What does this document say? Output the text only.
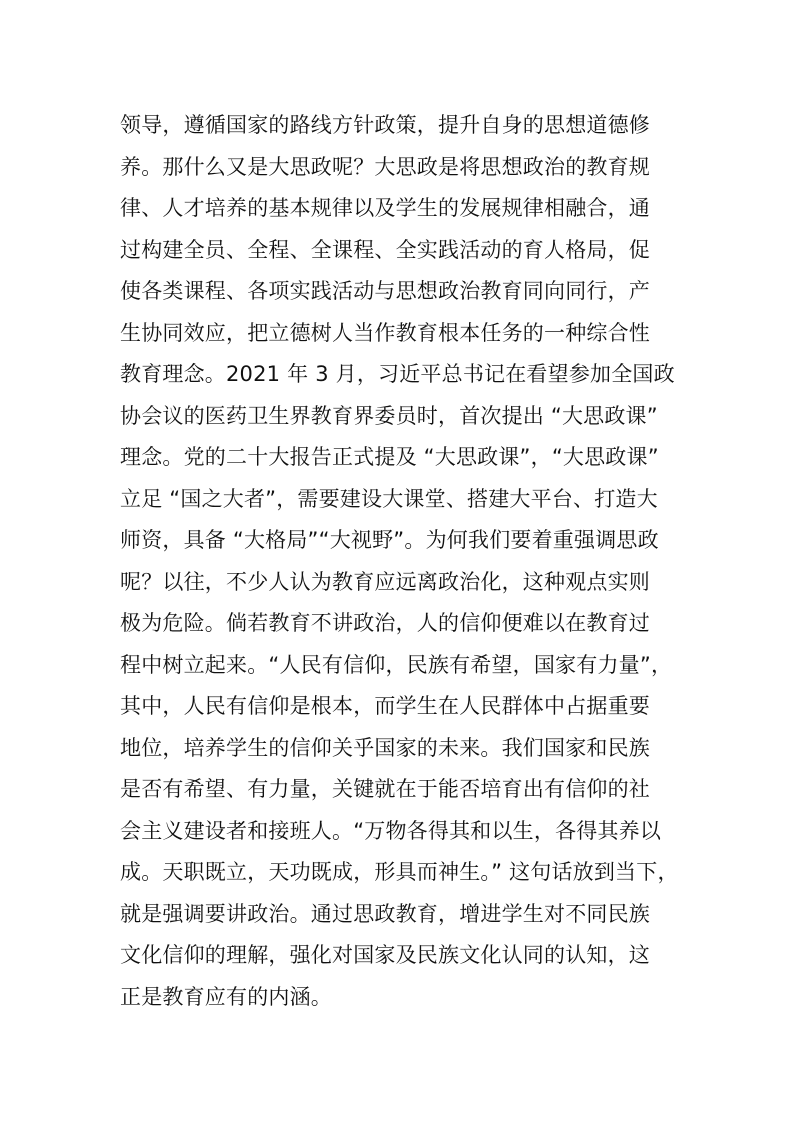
领导，遵循国家的路线方针政策，提升自身的思想道德修
养。那什么又是大思政呢？大思政是将思想政治的教育规
律、人才培养的基本规律以及学生的发展规律相融合，通
过构建全员、全程、全课程、全实践活动的育人格局，促
使各类课程、各项实践活动与思想政治教育同向同行，产
生协同效应，把立德树人当作教育根本任务的一种综合性
教育理念。2021 年 3 月，习近平总书记在看望参加全国政
协会议的医药卫生界教育界委员时，首次提出 “大思政课”
理念。党的二十大报告正式提及 “大思政课”，“大思政课”
立足 “国之大者”，需要建设大课堂、搭建大平台、打造大
师资，具备 “大格局”“大视野”。为何我们要着重强调思政
呢？以往，不少人认为教育应远离政治化，这种观点实则
极为危险。倘若教育不讲政治，人的信仰便难以在教育过
程中树立起来。“人民有信仰，民族有希望，国家有力量”，
其中，人民有信仰是根本，而学生在人民群体中占据重要
地位，培养学生的信仰关乎国家的未来。我们国家和民族
是否有希望、有力量，关键就在于能否培育出有信仰的社
会主义建设者和接班人。“万物各得其和以生，各得其养以
成。天职既立，天功既成，形具而神生。” 这句话放到当下，
就是强调要讲政治。通过思政教育，增进学生对不同民族
文化信仰的理解，强化对国家及民族文化认同的认知，这
正是教育应有的内涵。
